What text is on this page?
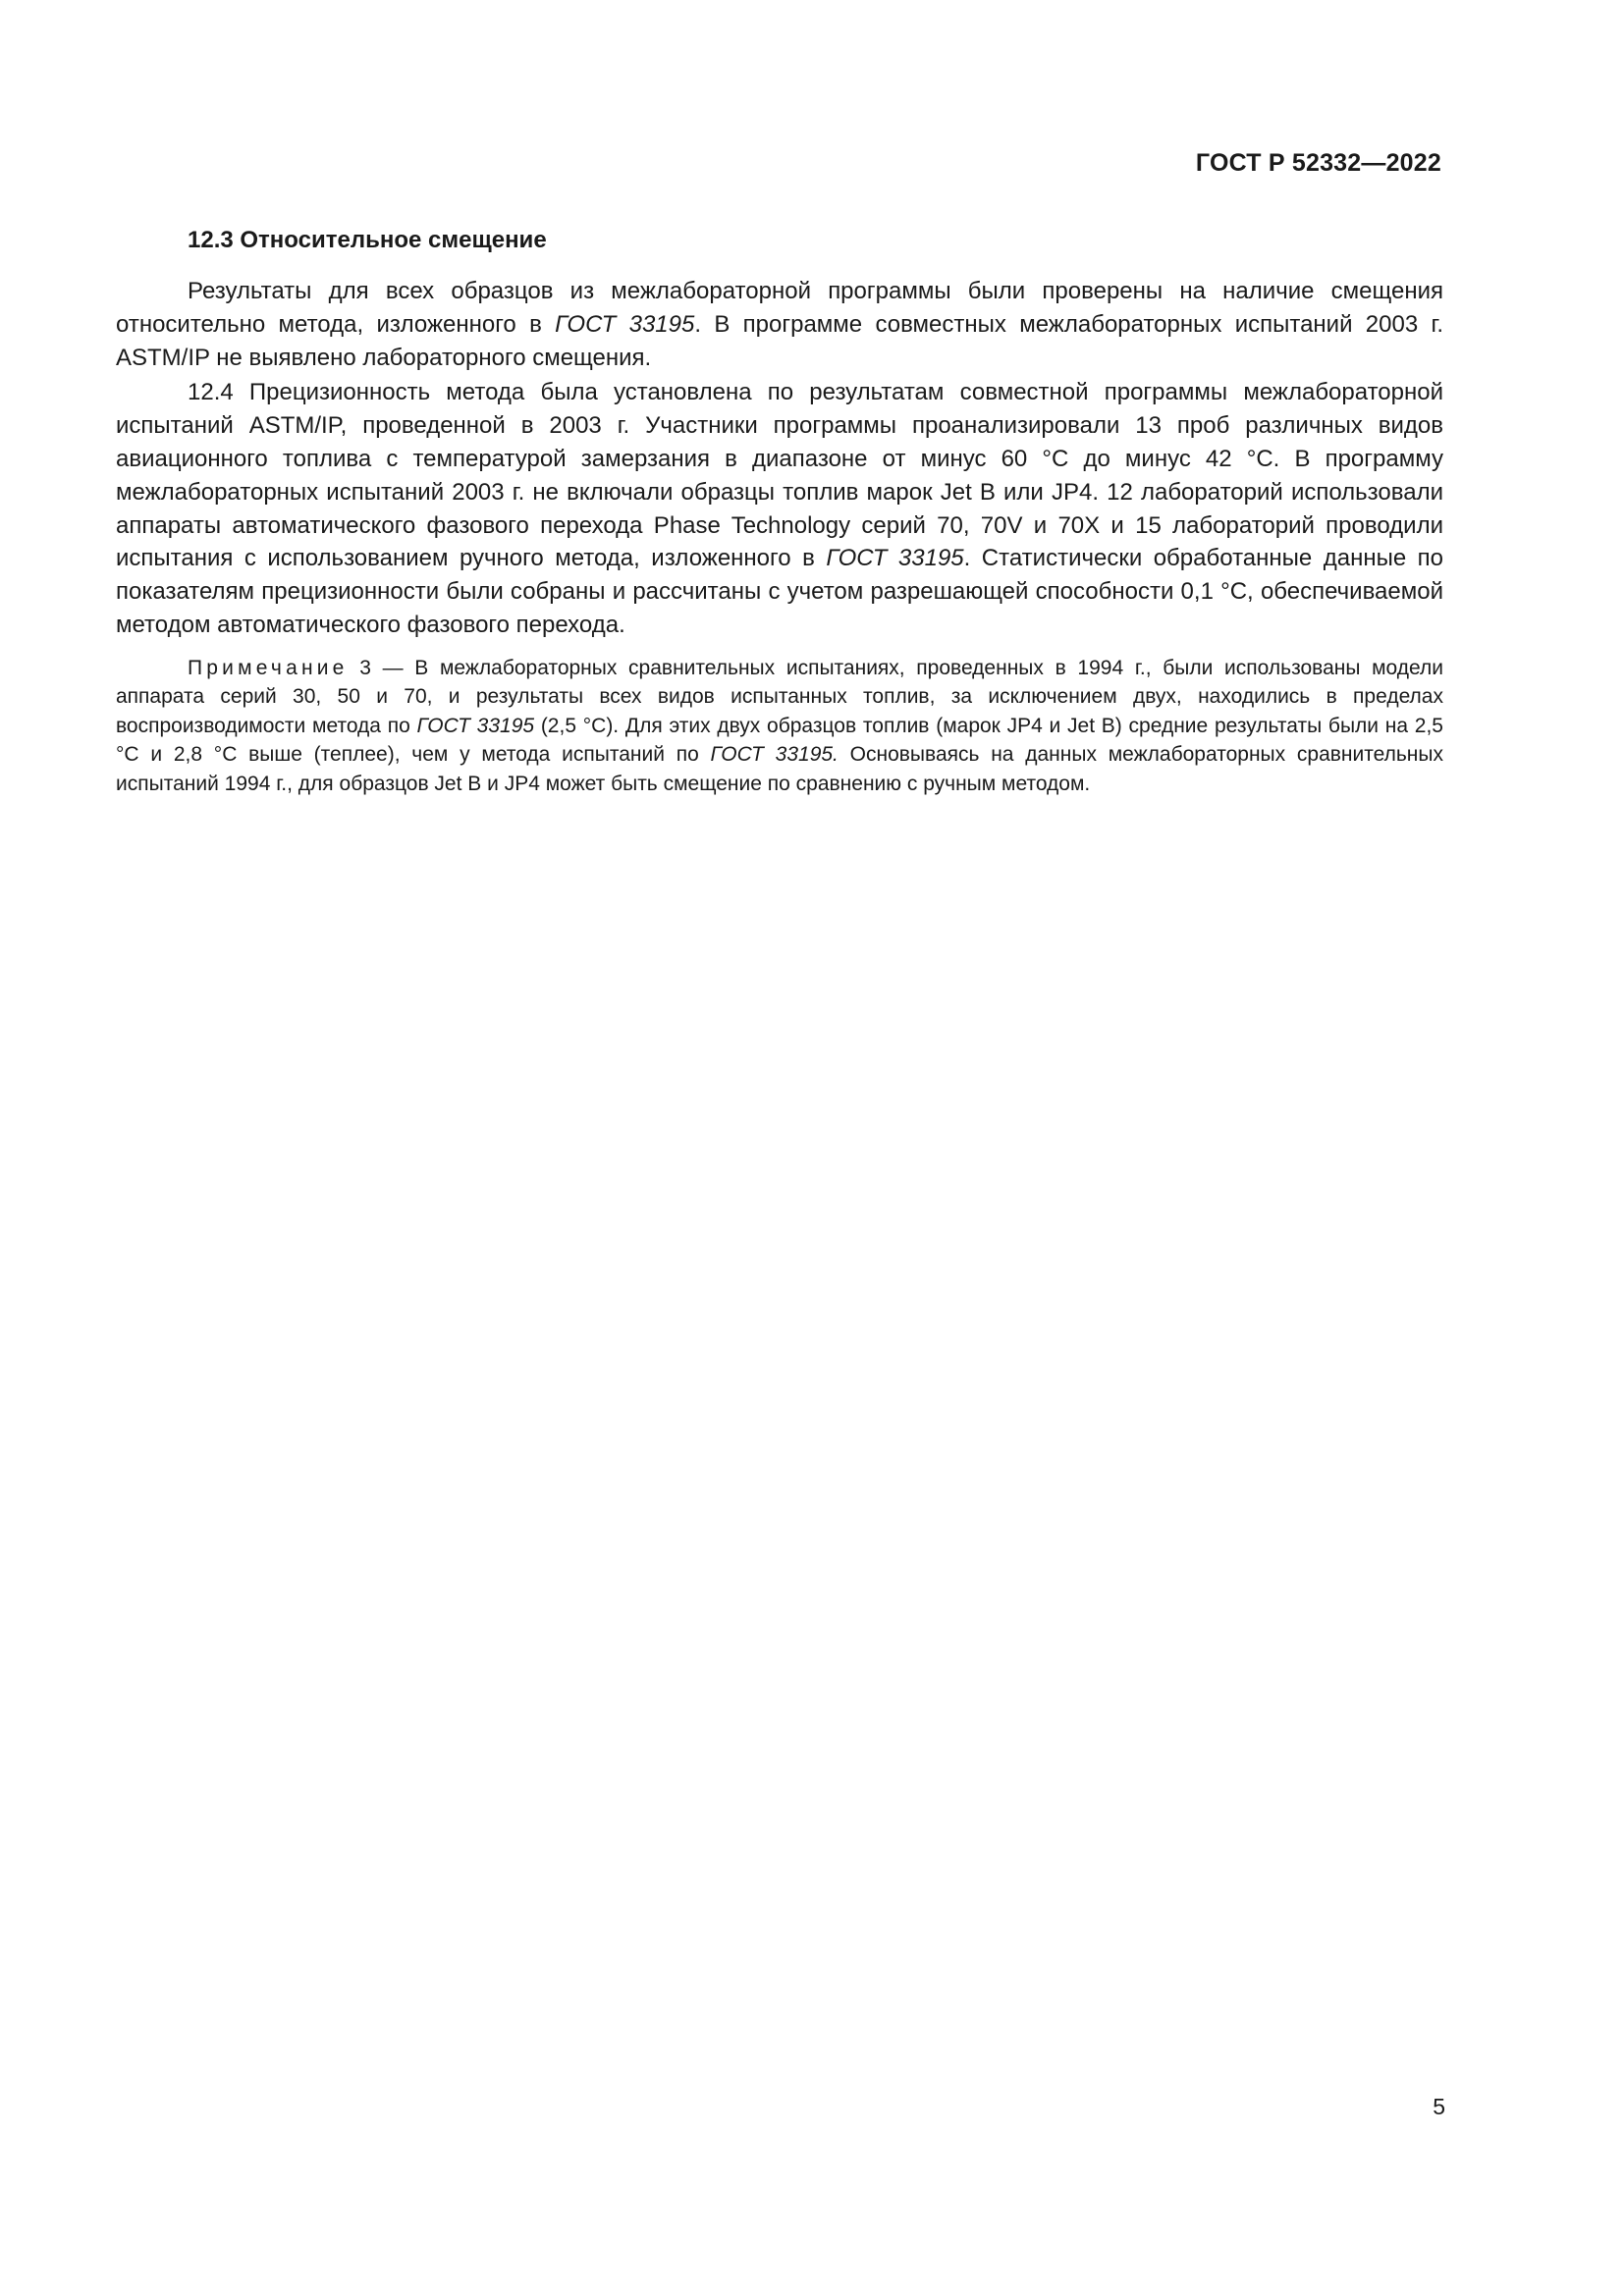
ГОСТ Р 52332—2022
12.3 Относительное смещение

Результаты для всех образцов из межлабораторной программы были проверены на наличие смещения относительно метода, изложенного в ГОСТ 33195. В программе совместных межлабораторных испытаний 2003 г. ASTM/IP не выявлено лабораторного смещения.

12.4 Прецизионность метода была установлена по результатам совместной программы межлабораторной испытаний ASTM/IP, проведенной в 2003 г. Участники программы проанализировали 13 проб различных видов авиационного топлива с температурой замерзания в диапазоне от минус 60 °С до минус 42 °С. В программу межлабораторных испытаний 2003 г. не включали образцы топлив марок Jet B или JP4. 12 лабораторий использовали аппараты автоматического фазового перехода Phase Technology серий 70, 70V и 70X и 15 лабораторий проводили испытания с использованием ручного метода, изложенного в ГОСТ 33195. Статистически обработанные данные по показателям прецизионности были собраны и рассчитаны с учетом разрешающей способности 0,1 °С, обеспечиваемой методом автоматического фазового перехода.

Примечание 3 — В межлабораторных сравнительных испытаниях, проведенных в 1994 г., были использованы модели аппарата серий 30, 50 и 70, и результаты всех видов испытанных топлив, за исключением двух, находились в пределах воспроизводимости метода по ГОСТ 33195 (2,5 °С). Для этих двух образцов топлив (марок JP4 и Jet B) средние результаты были на 2,5 °С и 2,8 °С выше (теплее), чем у метода испытаний по ГОСТ 33195. Основываясь на данных межлабораторных сравнительных испытаний 1994 г., для образцов Jet B и JP4 может быть смещение по сравнению с ручным методом.

5
